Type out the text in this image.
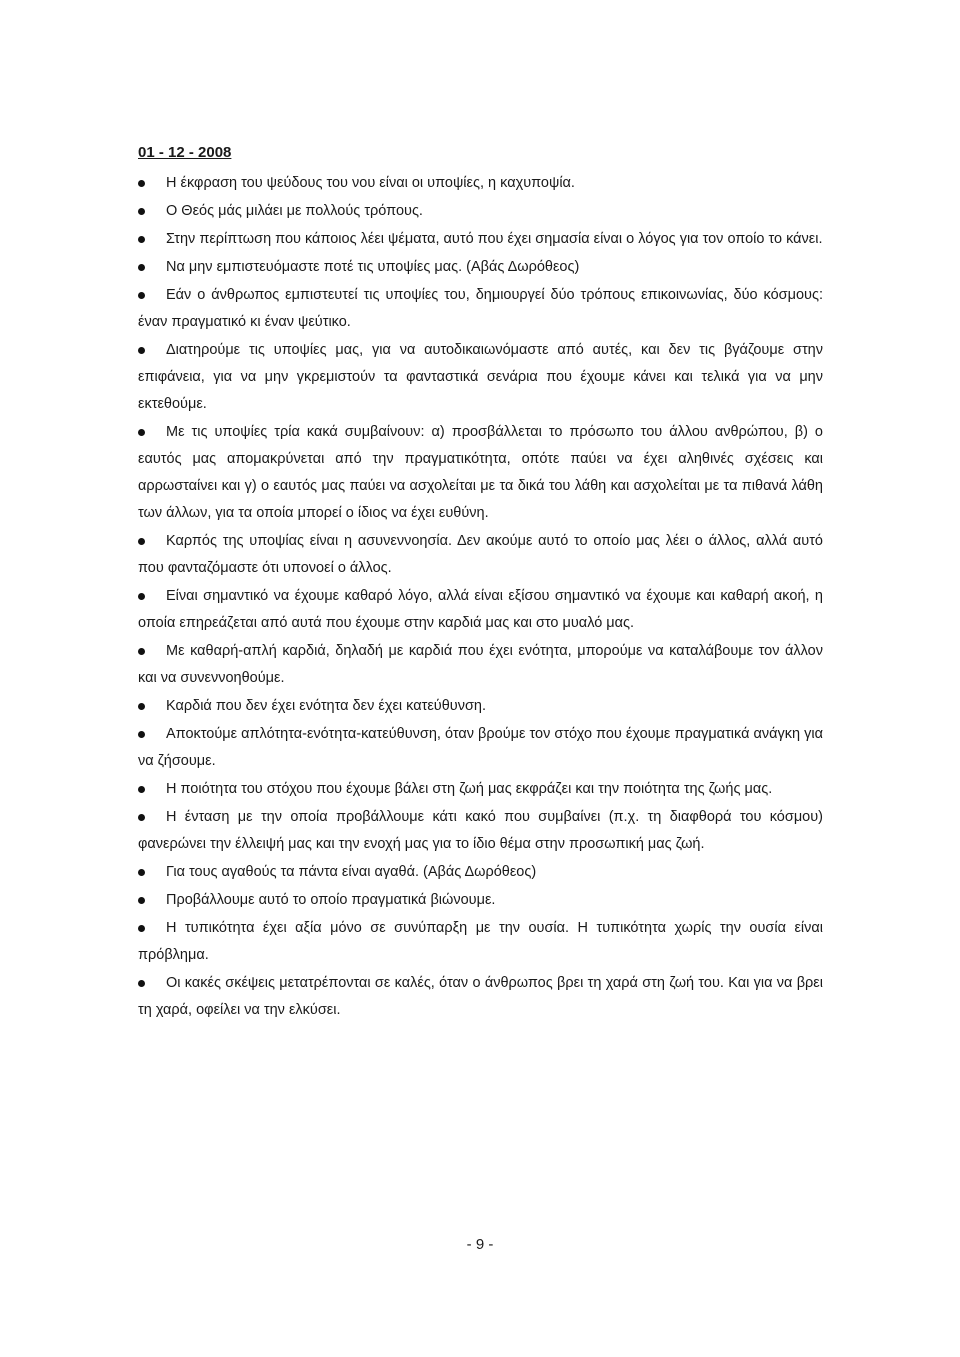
01 - 12 - 2008
Η έκφραση του ψεύδους του νου είναι οι υποψίες, η καχυποψία.
Ο Θεός μάς μιλάει με πολλούς τρόπους.
Στην περίπτωση που κάποιος λέει ψέματα, αυτό που έχει σημασία είναι ο λόγος για τον οποίο το κάνει.
Να μην εμπιστευόμαστε ποτέ τις υποψίες μας. (Αβάς Δωρόθεος)
Εάν ο άνθρωπος εμπιστευτεί τις υποψίες του, δημιουργεί δύο τρόπους επικοινωνίας, δύο κόσμους: έναν πραγματικό κι έναν ψεύτικο.
Διατηρούμε τις υποψίες μας, για να αυτοδικαιωνόμαστε από αυτές, και δεν τις βγάζουμε στην επιφάνεια, για να μην γκρεμιστούν τα φανταστικά σενάρια που έχουμε κάνει και τελικά για να μην εκτεθούμε.
Με τις υποψίες τρία κακά συμβαίνουν: α) προσβάλλεται το πρόσωπο του άλλου ανθρώπου, β) ο εαυτός μας απομακρύνεται από την πραγματικότητα, οπότε παύει να έχει αληθινές σχέσεις και αρρωσταίνει και γ) ο εαυτός μας παύει να ασχολείται με τα δικά του λάθη και ασχολείται με τα πιθανά λάθη των άλλων, για τα οποία μπορεί ο ίδιος να έχει ευθύνη.
Καρπός της υποψίας είναι η ασυνεννοησία. Δεν ακούμε αυτό το οποίο μας λέει ο άλλος, αλλά αυτό που φανταζόμαστε ότι υπονοεί ο άλλος.
Είναι σημαντικό να έχουμε καθαρό λόγο, αλλά είναι εξίσου σημαντικό να έχουμε και καθαρή ακοή, η οποία επηρεάζεται από αυτά που έχουμε στην καρδιά μας και στο μυαλό μας.
Με καθαρή-απλή καρδιά, δηλαδή με καρδιά που έχει ενότητα, μπορούμε να καταλάβουμε τον άλλον και να συνεννοηθούμε.
Καρδιά που δεν έχει ενότητα δεν έχει κατεύθυνση.
Αποκτούμε απλότητα-ενότητα-κατεύθυνση, όταν βρούμε τον στόχο που έχουμε πραγματικά ανάγκη για να ζήσουμε.
Η ποιότητα του στόχου που έχουμε βάλει στη ζωή μας εκφράζει και την ποιότητα της ζωής μας.
Η ένταση με την οποία προβάλλουμε κάτι κακό που συμβαίνει (π.χ. τη διαφθορά του κόσμου) φανερώνει την έλλειψή μας και την ενοχή μας για το ίδιο θέμα στην προσωπική μας ζωή.
Για τους αγαθούς τα πάντα είναι αγαθά. (Αβάς Δωρόθεος)
Προβάλλουμε αυτό το οποίο πραγματικά βιώνουμε.
Η τυπικότητα έχει αξία μόνο σε συνύπαρξη με την ουσία. Η τυπικότητα χωρίς την ουσία είναι πρόβλημα.
Οι κακές σκέψεις μετατρέπονται σε καλές, όταν ο άνθρωπος βρει τη χαρά στη ζωή του. Και για να βρει τη χαρά, οφείλει να την ελκύσει.
- 9 -
